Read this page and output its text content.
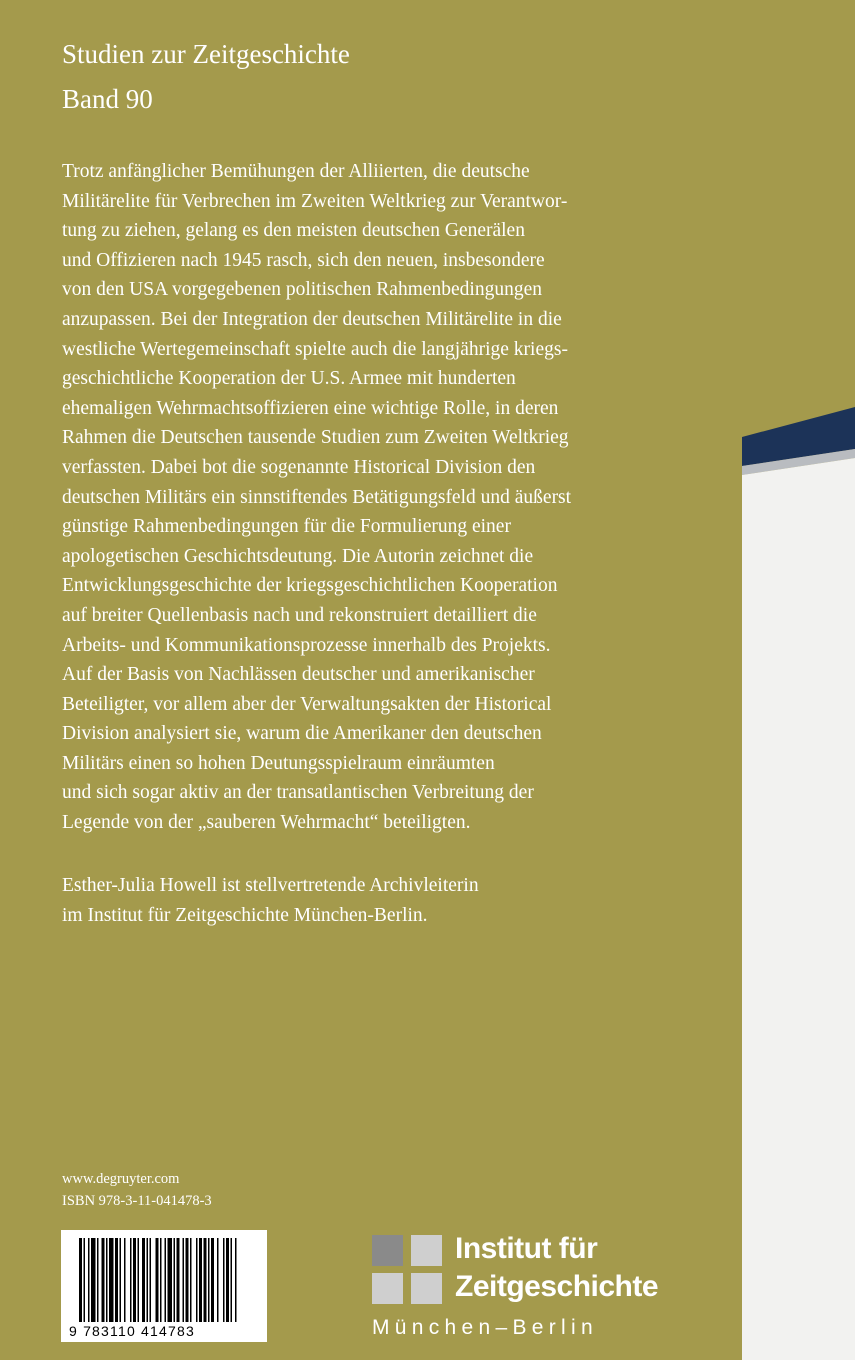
Studien zur Zeitgeschichte
Band 90
Trotz anfänglicher Bemühungen der Alliierten, die deutsche
Militärelite für Verbrechen im Zweiten Weltkrieg zur Verantwor-
tung zu ziehen, gelang es den meisten deutschen Generälen
und Offizieren nach 1945 rasch, sich den neuen, insbesondere
von den USA vorgegebenen politischen Rahmenbedingungen
anzupassen. Bei der Integration der deutschen Militärelite in die
westliche Wertegemeinschaft spielte auch die langjährige kriegs-
geschichtliche Kooperation der U.S. Armee mit hunderten
ehemaligen Wehrmachtsoffizieren eine wichtige Rolle, in deren
Rahmen die Deutschen tausende Studien zum Zweiten Weltkrieg
verfassten. Dabei bot die sogenannte Historical Division den
deutschen Militärs ein sinnstiftendes Betätigungsfeld und äußerst
günstige Rahmenbedingungen für die Formulierung einer
apologetischen Geschichtsdeutung. Die Autorin zeichnet die
Entwicklungsgeschichte der kriegsgeschichtlichen Kooperation
auf breiter Quellenbasis nach und rekonstruiert detailliert die
Arbeits- und Kommunikationsprozesse innerhalb des Projekts.
Auf der Basis von Nachlässen deutscher und amerikanischer
Beteiligter, vor allem aber der Verwaltungsakten der Historical
Division analysiert sie, warum die Amerikaner den deutschen
Militärs einen so hohen Deutungsspielraum einräumten
und sich sogar aktiv an der transatlantischen Verbreitung der
Legende von der „sauberen Wehrmacht“ beteiligten.
Esther-Julia Howell ist stellvertretende Archivleiterin
im Institut für Zeitgeschichte München-Berlin.
www.degruyter.com
ISBN 978-3-11-041478-3
9 783110 414783
Institut für
Zeitgeschichte
München–Berlin
